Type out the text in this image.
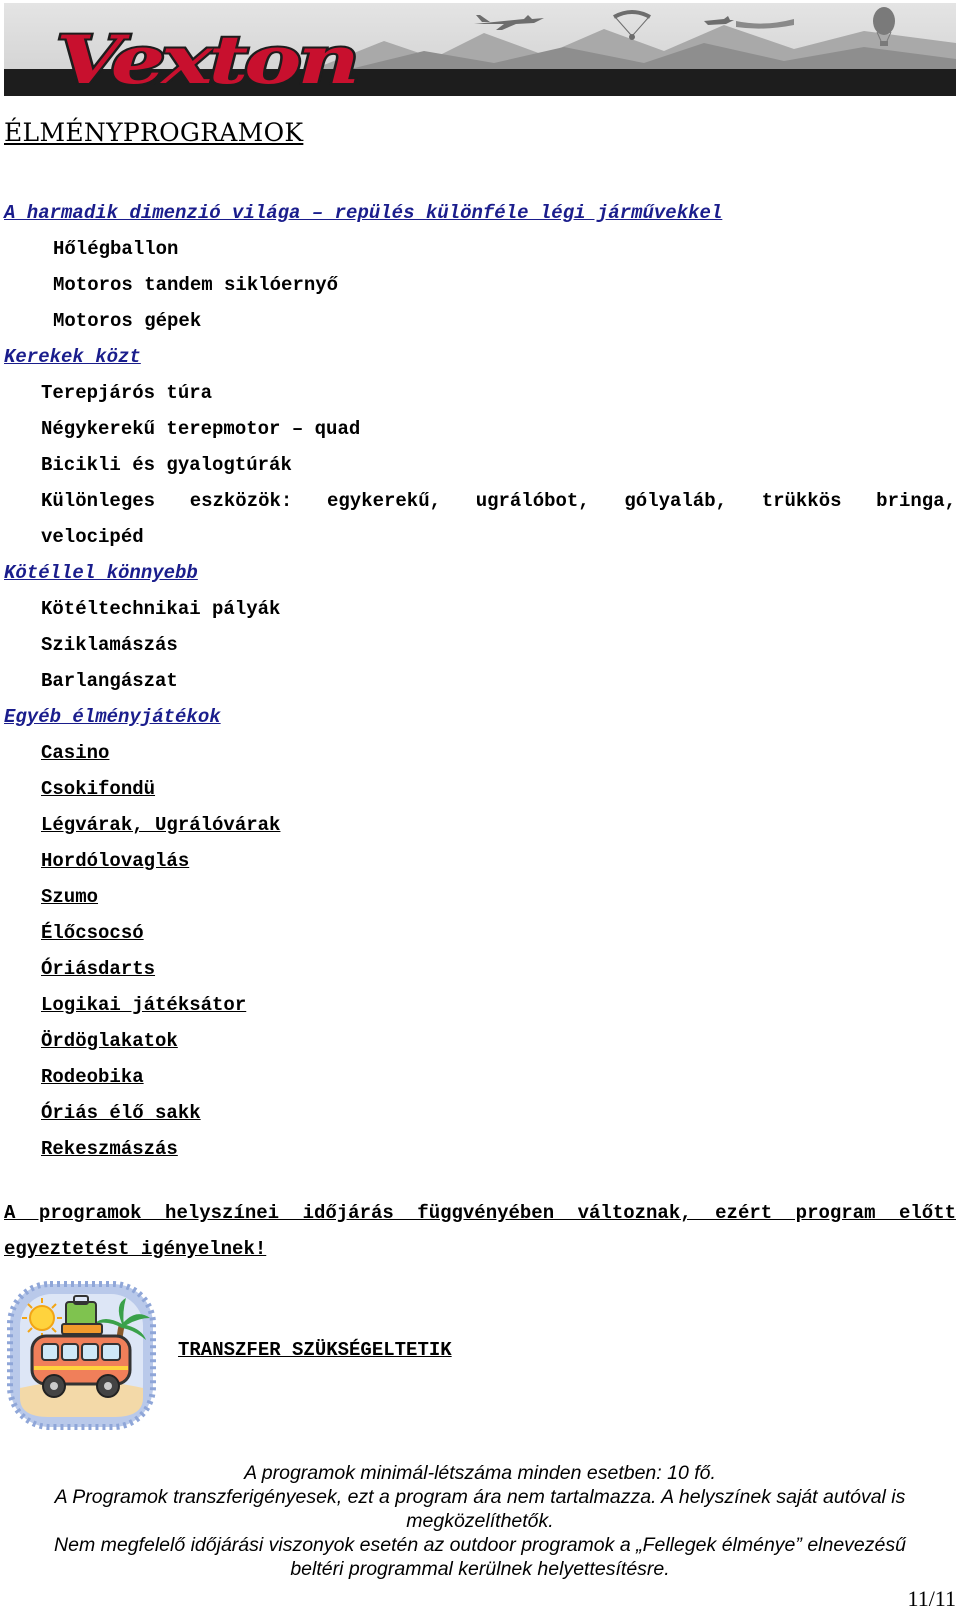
Vexton
ÉLMÉNYPROGRAMOK
A harmadik dimenzió világa – repülés különféle légi járművekkel
Hőlégballon
Motoros tandem siklóernyő
Motoros gépek
Kerekek közt
Terepjárós túra
Négykerekű terepmotor – quad
Bicikli és gyalogtúrák
Különleges eszközök: egykerekű, ugrálóbot, gólyaláb, trükkös bringa,
velocipéd
Kötéllel könnyebb
Kötéltechnikai pályák
Sziklamászás
Barlangászat
Egyéb élményjátékok
Casino
Csokifondü
Légvárak, Ugrálóvárak
Hordólovaglás
Szumo
Élőcsocsó
Óriásdarts
Logikai játéksátor
Ördöglakatok
Rodeobika
Óriás élő sakk
Rekeszmászás
A programok helyszínei időjárás függvényében változnak, ezért program előtt
egyeztetést igényelnek!
TRANSZFER SZÜKSÉGELTETIK

A programok minimál-létszáma minden esetben: 10 fő.

A Programok transzferigényesek, ezt a program ára nem tartalmazza. A helyszínek saját autóval is megközelíthetők.

Nem megfelelő időjárási viszonyok esetén az outdoor programok a „Fellegek élménye” elnevezésű beltéri programmal kerülnek helyettesítésre.

11/11
